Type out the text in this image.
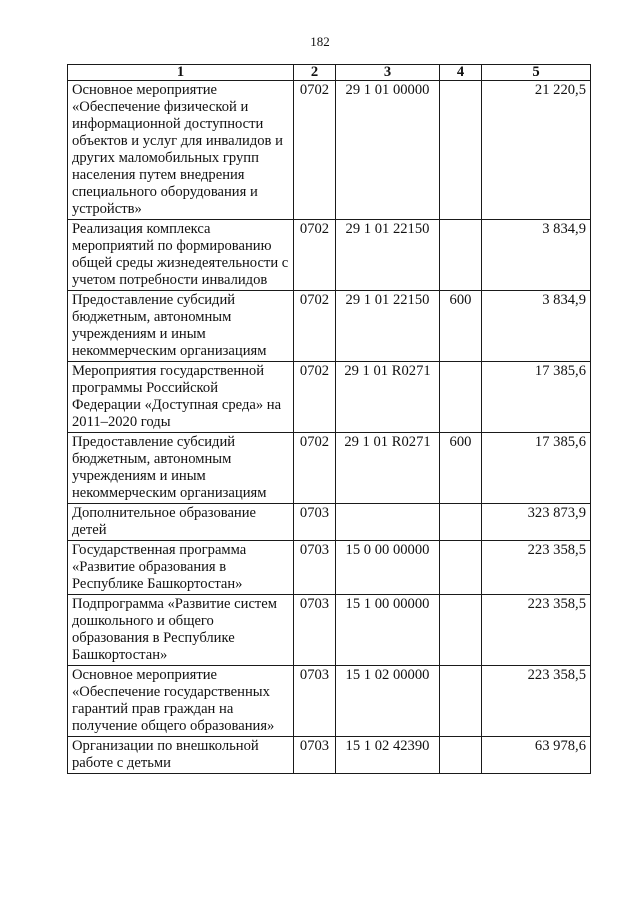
182
1	2	3	4	5
Основное мероприятие «Обеспечение физической и информационной доступности объектов и услуг для инвалидов и других маломобильных групп населения путем внедрения специального оборудования и устройств»	0702	29 1 01 00000		21 220,5
Реализация комплекса мероприятий по формированию общей среды жизнедеятельности с учетом потребности инвалидов	0702	29 1 01 22150		3 834,9
Предоставление субсидий бюджетным, автономным учреждениям и иным некоммерческим организациям	0702	29 1 01 22150	600	3 834,9
Мероприятия государственной программы Российской Федерации «Доступная среда» на 2011–2020 годы	0702	29 1 01 R0271		17 385,6
Предоставление субсидий бюджетным, автономным учреждениям и иным некоммерческим организациям	0702	29 1 01 R0271	600	17 385,6
Дополнительное образование детей	0703			323 873,9
Государственная программа «Развитие образования в Республике Башкортостан»	0703	15 0 00 00000		223 358,5
Подпрограмма «Развитие систем дошкольного и общего образования в Республике Башкортостан»	0703	15 1 00 00000		223 358,5
Основное мероприятие «Обеспечение государственных гарантий прав граждан на получение общего образования»	0703	15 1 02 00000		223 358,5
Организации по внешкольной работе с детьми	0703	15 1 02 42390		63 978,6
